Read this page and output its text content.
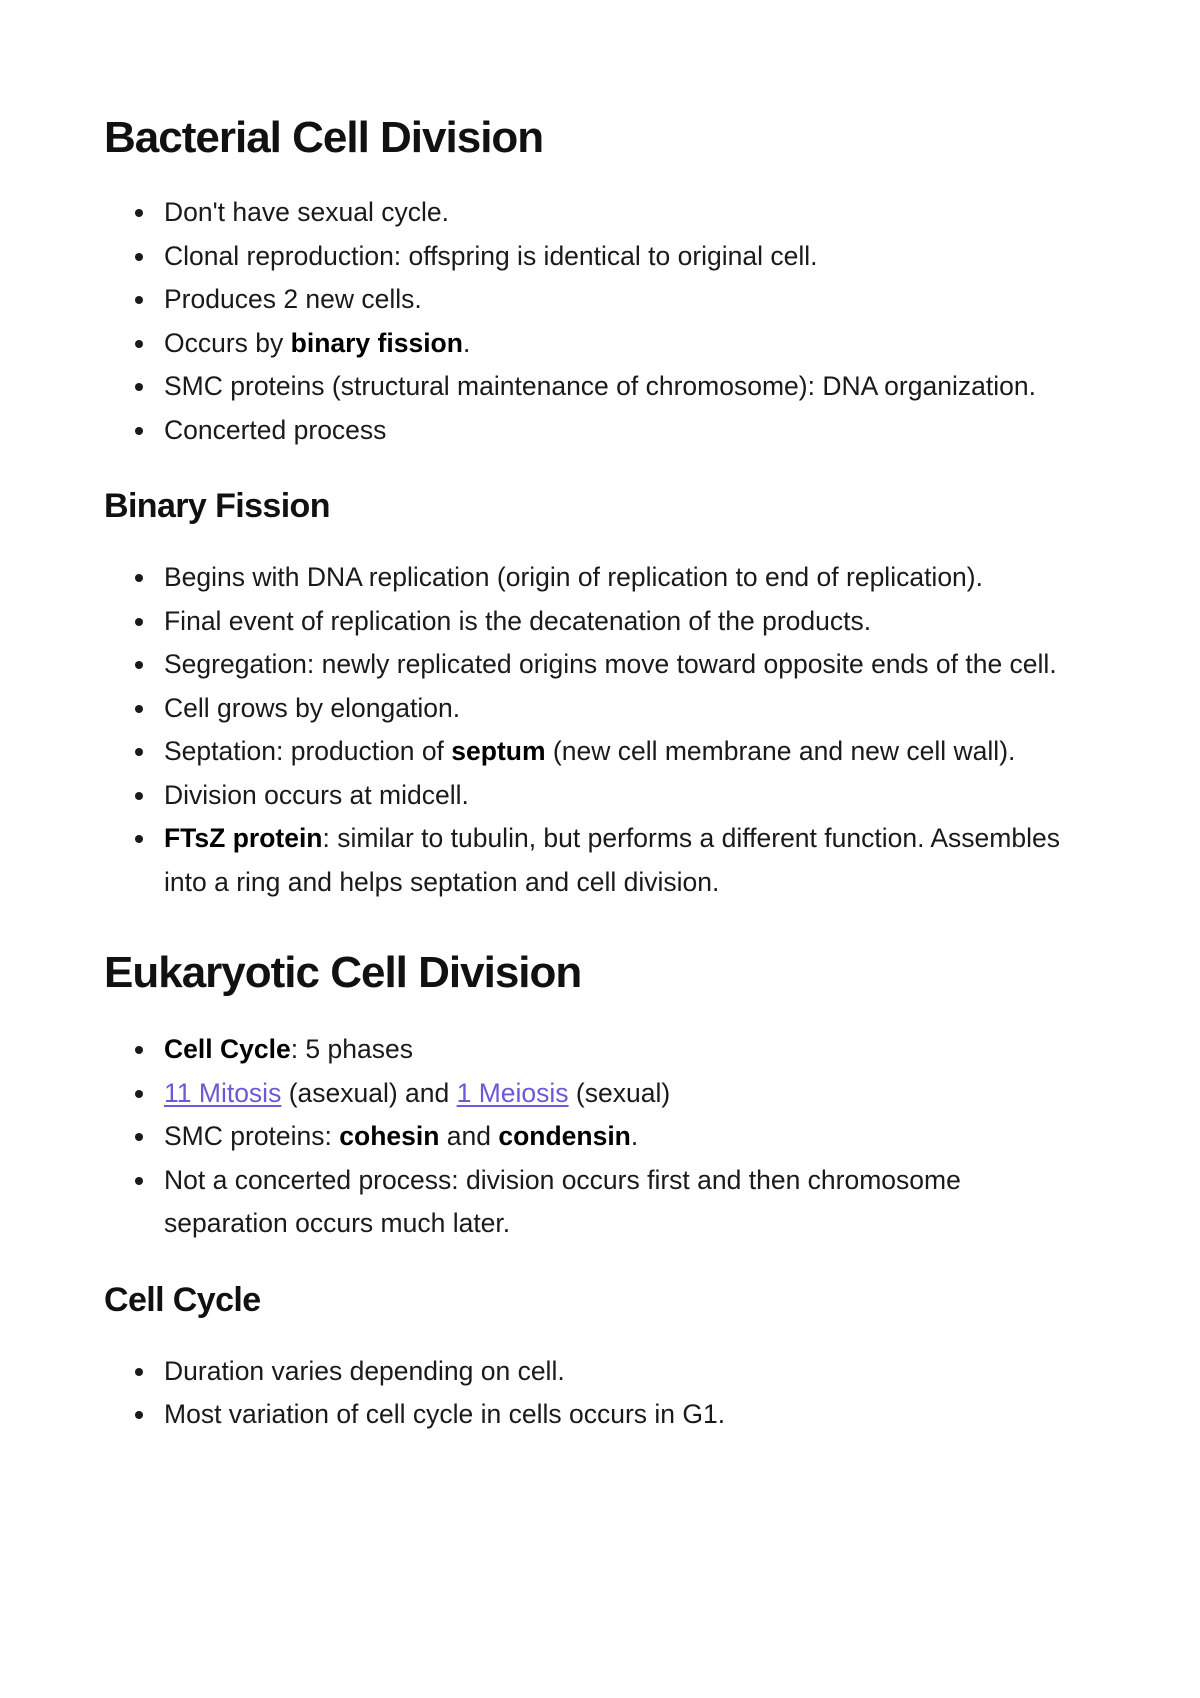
Bacterial Cell Division
Don't have sexual cycle.
Clonal reproduction: offspring is identical to original cell.
Produces 2 new cells.
Occurs by binary fission.
SMC proteins (structural maintenance of chromosome): DNA organization.
Concerted process
Binary Fission
Begins with DNA replication (origin of replication to end of replication).
Final event of replication is the decatenation of the products.
Segregation: newly replicated origins move toward opposite ends of the cell.
Cell grows by elongation.
Septation: production of septum (new cell membrane and new cell wall).
Division occurs at midcell.
FTsZ protein: similar to tubulin, but performs a different function. Assembles into a ring and helps septation and cell division.
Eukaryotic Cell Division
Cell Cycle: 5 phases
11 Mitosis (asexual) and 1 Meiosis (sexual)
SMC proteins: cohesin and condensin.
Not a concerted process: division occurs first and then chromosome separation occurs much later.
Cell Cycle
Duration varies depending on cell.
Most variation of cell cycle in cells occurs in G1.
